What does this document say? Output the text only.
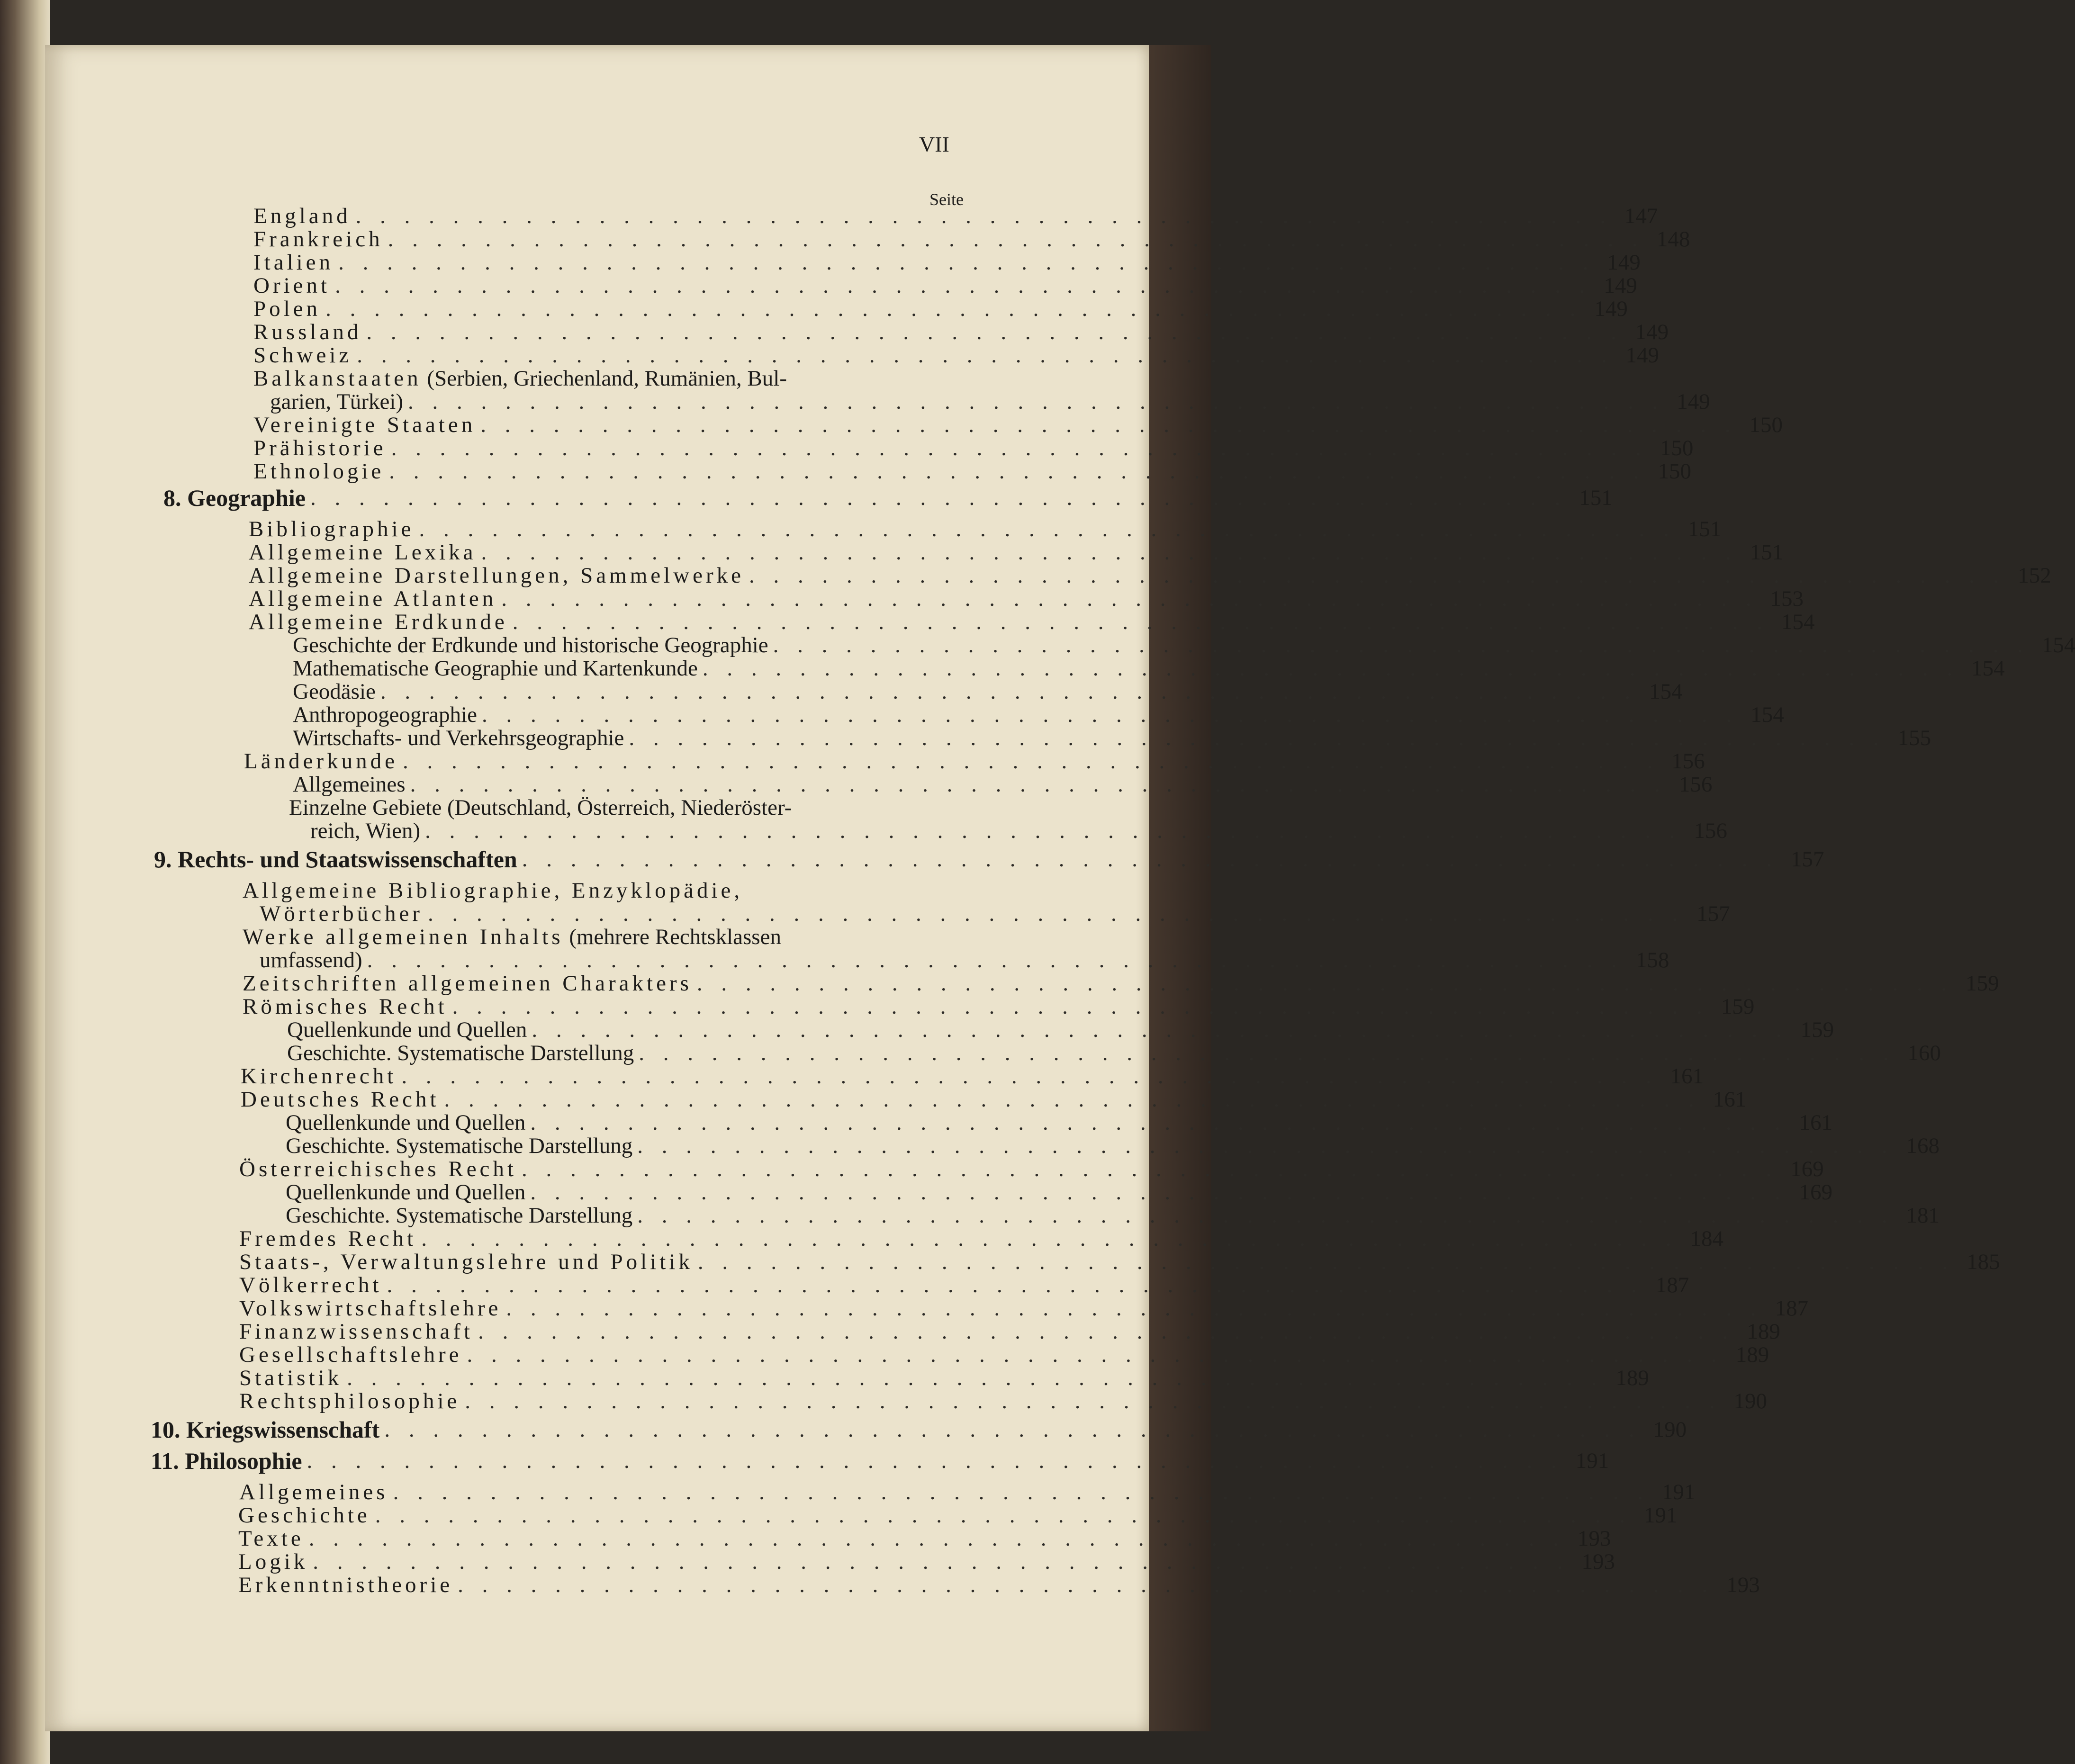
VII
Seite
England . . . . . . . . . . . . . . . . . . . . . . . . . . . . . . . . . . . . . . . . . . . . . . . . . . . . 147
Frankreich . . . . . . . . . . . . . . . . . . . . . . . . . . . . . . . . . . . . . . . . . . . . . . . . . . . . 148
Italien . . . . . . . . . . . . . . . . . . . . . . . . . . . . . . . . . . . . . . . . . . . . . . . . . . . . 149
Orient . . . . . . . . . . . . . . . . . . . . . . . . . . . . . . . . . . . . . . . . . . . . . . . . . . . . 149
Polen . . . . . . . . . . . . . . . . . . . . . . . . . . . . . . . . . . . . . . . . . . . . . . . . . . . . 149
Russland . . . . . . . . . . . . . . . . . . . . . . . . . . . . . . . . . . . . . . . . . . . . . . . . . . . . 149
Schweiz . . . . . . . . . . . . . . . . . . . . . . . . . . . . . . . . . . . . . . . . . . . . . . . . . . . . 149
Balkanstaaten (Serbien, Griechenland, Rumänien, Bul-
garien, Türkei) . . . . . . . . . . . . . . . . . . . . . . . . . . . . . . . . . . . . . . . . . . . . . . . . . . . . 149
Vereinigte Staaten . . . . . . . . . . . . . . . . . . . . . . . . . . . . . . . . . . . . . . . . . . . . . . . . . . . . 150
Prähistorie . . . . . . . . . . . . . . . . . . . . . . . . . . . . . . . . . . . . . . . . . . . . . . . . . . . . 150
Ethnologie . . . . . . . . . . . . . . . . . . . . . . . . . . . . . . . . . . . . . . . . . . . . . . . . . . . . 150
8. Geographie . . . . . . . . . . . . . . . . . . . . . . . . . . . . . . . . . . . . . . . . . . . . . . . . . . . . 151
Bibliographie . . . . . . . . . . . . . . . . . . . . . . . . . . . . . . . . . . . . . . . . . . . . . . . . . . . . 151
Allgemeine Lexika . . . . . . . . . . . . . . . . . . . . . . . . . . . . . . . . . . . . . . . . . . . . . . . . . . . . 151
Allgemeine Darstellungen, Sammelwerke . . . . . . . . . . . . . . . . . . . . . . . . . . . . . . . . . . . . . . . . . . . . . . . . . . . . 152
Allgemeine Atlanten . . . . . . . . . . . . . . . . . . . . . . . . . . . . . . . . . . . . . . . . . . . . . . . . . . . . 153
Allgemeine Erdkunde . . . . . . . . . . . . . . . . . . . . . . . . . . . . . . . . . . . . . . . . . . . . . . . . . . . . 154
Geschichte der Erdkunde und historische Geographie . . . . . . . . . . . . . . . . . . . . . . . . . . . . . . . . . . . . . . . . . . . . . . . . . . . . 154
Mathematische Geographie und Kartenkunde . . . . . . . . . . . . . . . . . . . . . . . . . . . . . . . . . . . . . . . . . . . . . . . . . . . . 154
Geodäsie . . . . . . . . . . . . . . . . . . . . . . . . . . . . . . . . . . . . . . . . . . . . . . . . . . . . 154
Anthropogeographie . . . . . . . . . . . . . . . . . . . . . . . . . . . . . . . . . . . . . . . . . . . . . . . . . . . . 154
Wirtschafts- und Verkehrsgeographie . . . . . . . . . . . . . . . . . . . . . . . . . . . . . . . . . . . . . . . . . . . . . . . . . . . . 155
Länderkunde . . . . . . . . . . . . . . . . . . . . . . . . . . . . . . . . . . . . . . . . . . . . . . . . . . . . 156
Allgemeines . . . . . . . . . . . . . . . . . . . . . . . . . . . . . . . . . . . . . . . . . . . . . . . . . . . . 156
Einzelne Gebiete (Deutschland, Österreich, Niederöster-
reich, Wien) . . . . . . . . . . . . . . . . . . . . . . . . . . . . . . . . . . . . . . . . . . . . . . . . . . . . 156
9. Rechts- und Staatswissenschaften . . . . . . . . . . . . . . . . . . . . . . . . . . . . . . . . . . . . . . . . . . . . . . . . . . . . 157
Allgemeine Bibliographie, Enzyklopädie,
Wörterbücher . . . . . . . . . . . . . . . . . . . . . . . . . . . . . . . . . . . . . . . . . . . . . . . . . . . . 157
Werke allgemeinen Inhalts (mehrere Rechtsklassen
umfassend) . . . . . . . . . . . . . . . . . . . . . . . . . . . . . . . . . . . . . . . . . . . . . . . . . . . . 158
Zeitschriften allgemeinen Charakters . . . . . . . . . . . . . . . . . . . . . . . . . . . . . . . . . . . . . . . . . . . . . . . . . . . . 159
Römisches Recht . . . . . . . . . . . . . . . . . . . . . . . . . . . . . . . . . . . . . . . . . . . . . . . . . . . . 159
Quellenkunde und Quellen . . . . . . . . . . . . . . . . . . . . . . . . . . . . . . . . . . . . . . . . . . . . . . . . . . . . 159
Geschichte. Systematische Darstellung . . . . . . . . . . . . . . . . . . . . . . . . . . . . . . . . . . . . . . . . . . . . . . . . . . . . 160
Kirchenrecht . . . . . . . . . . . . . . . . . . . . . . . . . . . . . . . . . . . . . . . . . . . . . . . . . . . . 161
Deutsches Recht . . . . . . . . . . . . . . . . . . . . . . . . . . . . . . . . . . . . . . . . . . . . . . . . . . . . 161
Quellenkunde und Quellen . . . . . . . . . . . . . . . . . . . . . . . . . . . . . . . . . . . . . . . . . . . . . . . . . . . . 161
Geschichte. Systematische Darstellung . . . . . . . . . . . . . . . . . . . . . . . . . . . . . . . . . . . . . . . . . . . . . . . . . . . . 168
Österreichisches Recht . . . . . . . . . . . . . . . . . . . . . . . . . . . . . . . . . . . . . . . . . . . . . . . . . . . . 169
Quellenkunde und Quellen . . . . . . . . . . . . . . . . . . . . . . . . . . . . . . . . . . . . . . . . . . . . . . . . . . . . 169
Geschichte. Systematische Darstellung . . . . . . . . . . . . . . . . . . . . . . . . . . . . . . . . . . . . . . . . . . . . . . . . . . . . 181
Fremdes Recht . . . . . . . . . . . . . . . . . . . . . . . . . . . . . . . . . . . . . . . . . . . . . . . . . . . . 184
Staats-, Verwaltungslehre und Politik . . . . . . . . . . . . . . . . . . . . . . . . . . . . . . . . . . . . . . . . . . . . . . . . . . . . 185
Völkerrecht . . . . . . . . . . . . . . . . . . . . . . . . . . . . . . . . . . . . . . . . . . . . . . . . . . . . 187
Volkswirtschaftslehre . . . . . . . . . . . . . . . . . . . . . . . . . . . . . . . . . . . . . . . . . . . . . . . . . . . . 187
Finanzwissenschaft . . . . . . . . . . . . . . . . . . . . . . . . . . . . . . . . . . . . . . . . . . . . . . . . . . . . 189
Gesellschaftslehre . . . . . . . . . . . . . . . . . . . . . . . . . . . . . . . . . . . . . . . . . . . . . . . . . . . . 189
Statistik . . . . . . . . . . . . . . . . . . . . . . . . . . . . . . . . . . . . . . . . . . . . . . . . . . . . 189
Rechtsphilosophie . . . . . . . . . . . . . . . . . . . . . . . . . . . . . . . . . . . . . . . . . . . . . . . . . . . . 190
10. Kriegswissenschaft . . . . . . . . . . . . . . . . . . . . . . . . . . . . . . . . . . . . . . . . . . . . . . . . . . . . 190
11. Philosophie . . . . . . . . . . . . . . . . . . . . . . . . . . . . . . . . . . . . . . . . . . . . . . . . . . . . 191
Allgemeines . . . . . . . . . . . . . . . . . . . . . . . . . . . . . . . . . . . . . . . . . . . . . . . . . . . . 191
Geschichte . . . . . . . . . . . . . . . . . . . . . . . . . . . . . . . . . . . . . . . . . . . . . . . . . . . . 191
Texte . . . . . . . . . . . . . . . . . . . . . . . . . . . . . . . . . . . . . . . . . . . . . . . . . . . . 193
Logik . . . . . . . . . . . . . . . . . . . . . . . . . . . . . . . . . . . . . . . . . . . . . . . . . . . . 193
Erkenntnistheorie . . . . . . . . . . . . . . . . . . . . . . . . . . . . . . . . . . . . . . . . . . . . . . . . . . . . 193
